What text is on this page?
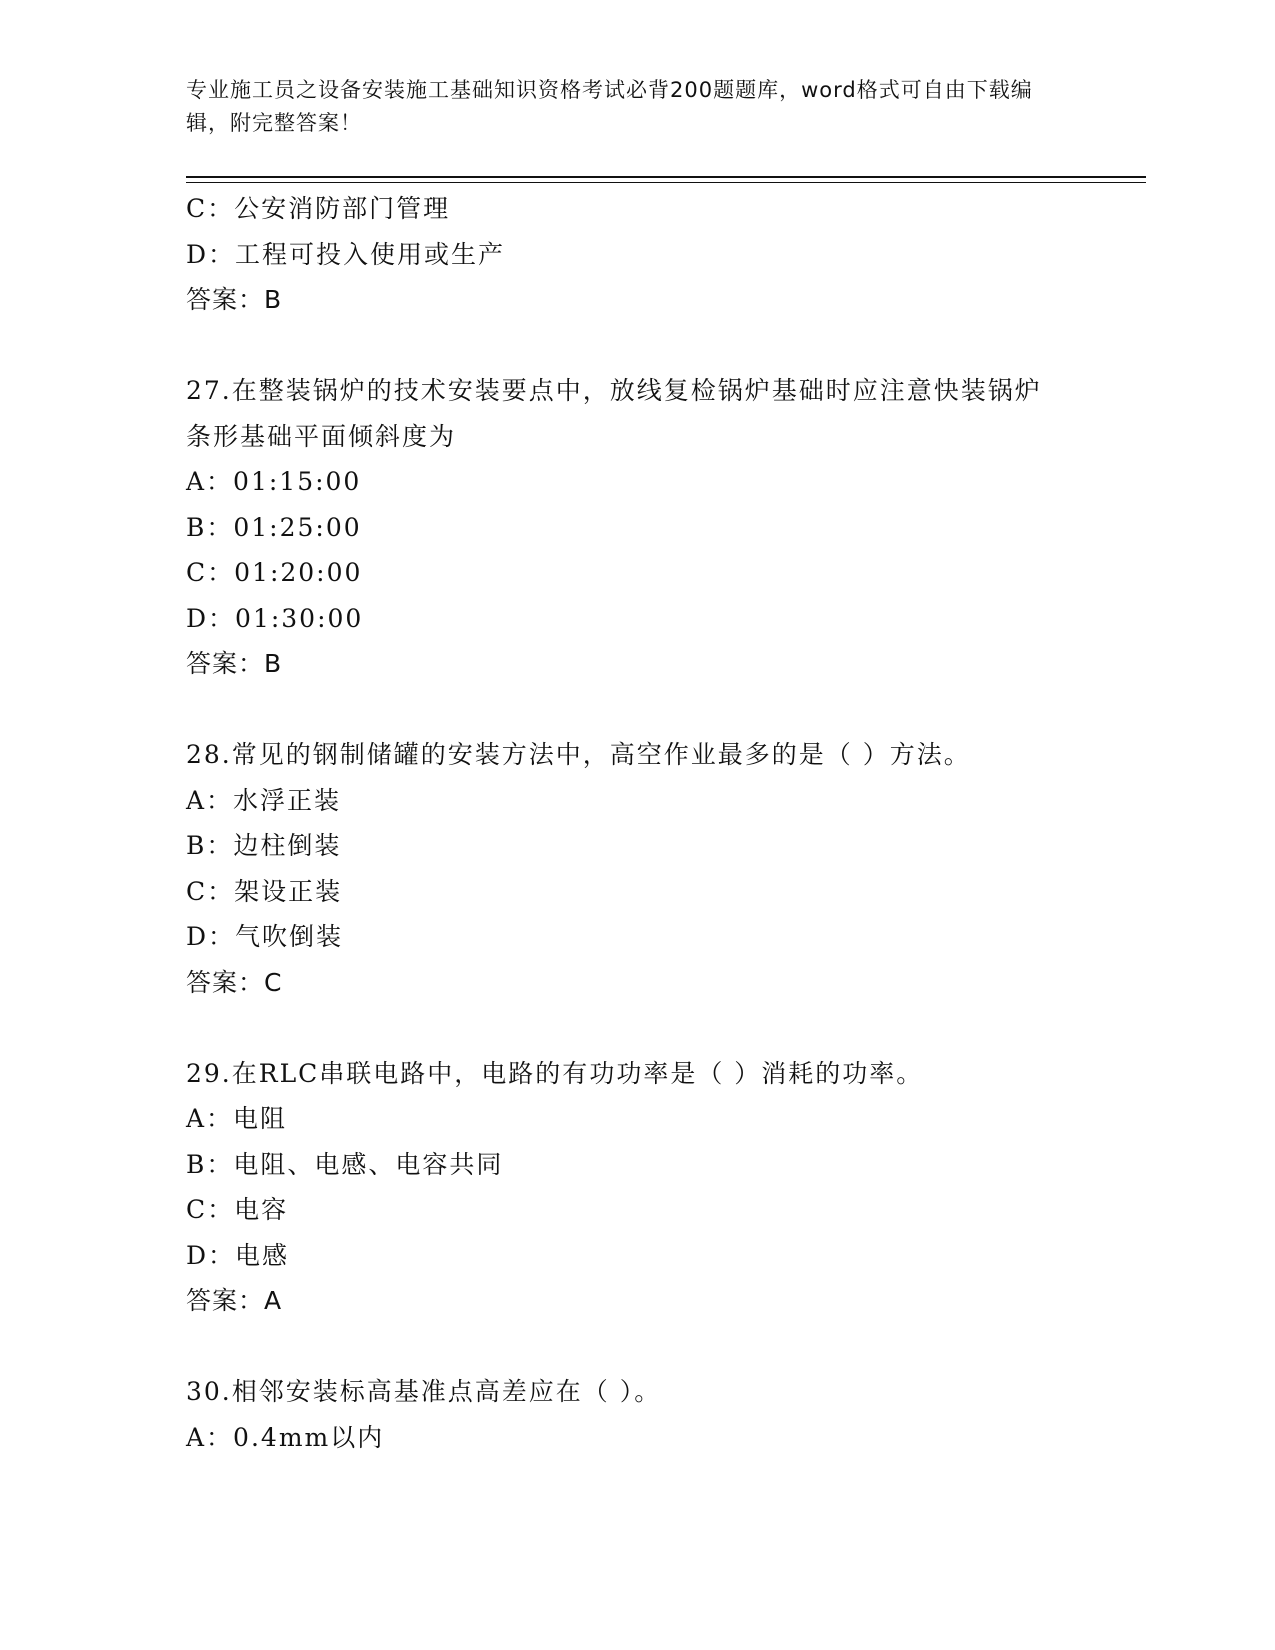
专业施工员之设备安装施工基础知识资格考试必背200题题库，word格式可自由下载编辑，附完整答案！
C：公安消防部门管理
D：工程可投入使用或生产
答案：B
27.在整装锅炉的技术安装要点中，放线复检锅炉基础时应注意快装锅炉条形基础平面倾斜度为
A：01:15:00
B：01:25:00
C：01:20:00
D：01:30:00
答案：B
28.常见的钢制储罐的安装方法中，高空作业最多的是（ ）方法。
A：水浮正装
B：边柱倒装
C：架设正装
D：气吹倒装
答案：C
29.在RLC串联电路中，电路的有功功率是（ ）消耗的功率。
A：电阻
B：电阻、电感、电容共同
C：电容
D：电感
答案：A
30.相邻安装标高基准点高差应在（ ）。
A：0.4mm以内
